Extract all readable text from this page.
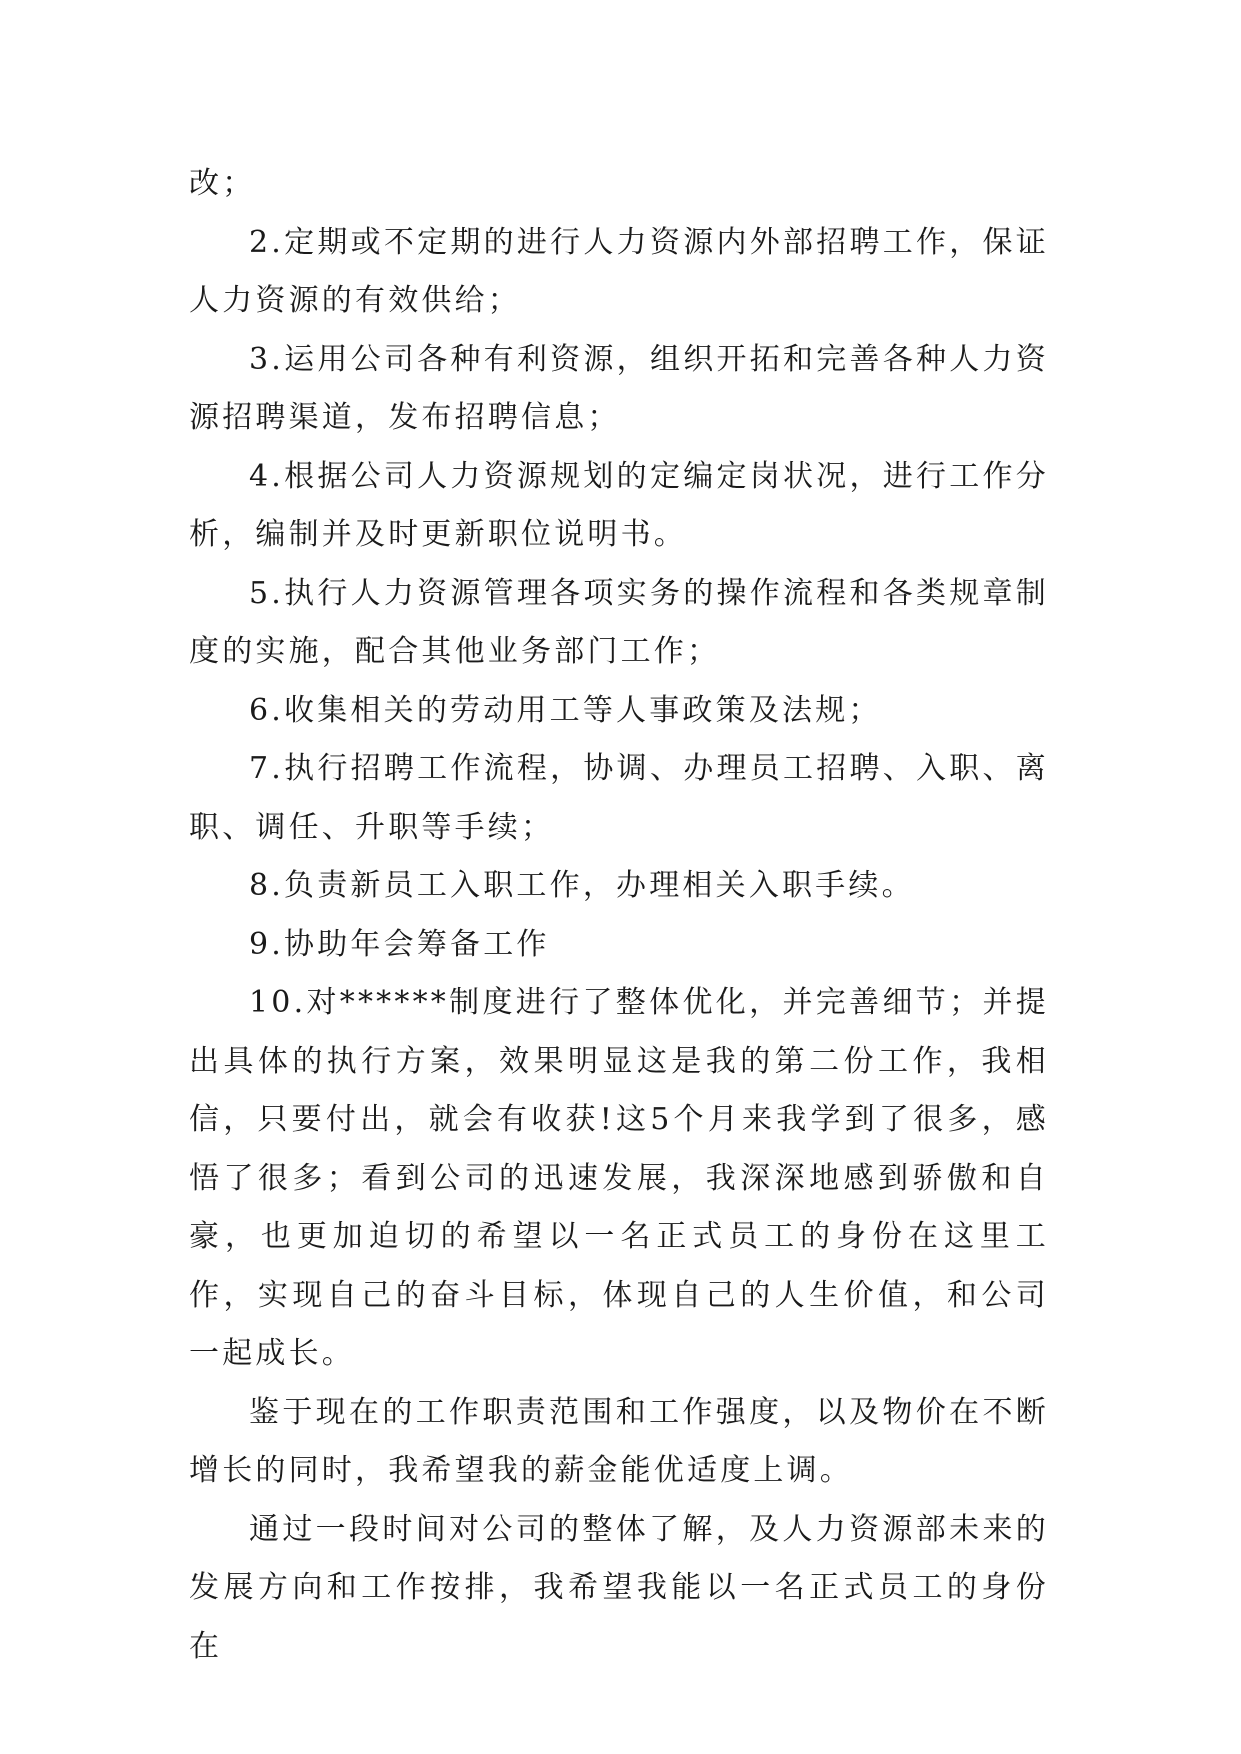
改；

2.定期或不定期的进行人力资源内外部招聘工作，保证人力资源的有效供给；

3.运用公司各种有利资源，组织开拓和完善各种人力资源招聘渠道，发布招聘信息；

4.根据公司人力资源规划的定编定岗状况，进行工作分析，编制并及时更新职位说明书。

5.执行人力资源管理各项实务的操作流程和各类规章制度的实施，配合其他业务部门工作；

6.收集相关的劳动用工等人事政策及法规；

7.执行招聘工作流程，协调、办理员工招聘、入职、离职、调任、升职等手续；

8.负责新员工入职工作，办理相关入职手续。

9.协助年会筹备工作

10.对******制度进行了整体优化，并完善细节；并提出具体的执行方案，效果明显这是我的第二份工作，我相信，只要付出，就会有收获!这5个月来我学到了很多，感悟了很多；看到公司的迅速发展，我深深地感到骄傲和自豪，也更加迫切的希望以一名正式员工的身份在这里工作，实现自己的奋斗目标，体现自己的人生价值，和公司一起成长。

鉴于现在的工作职责范围和工作强度，以及物价在不断增长的同时，我希望我的薪金能优适度上调。

通过一段时间对公司的整体了解，及人力资源部未来的发展方向和工作按排，我希望我能以一名正式员工的身份在
